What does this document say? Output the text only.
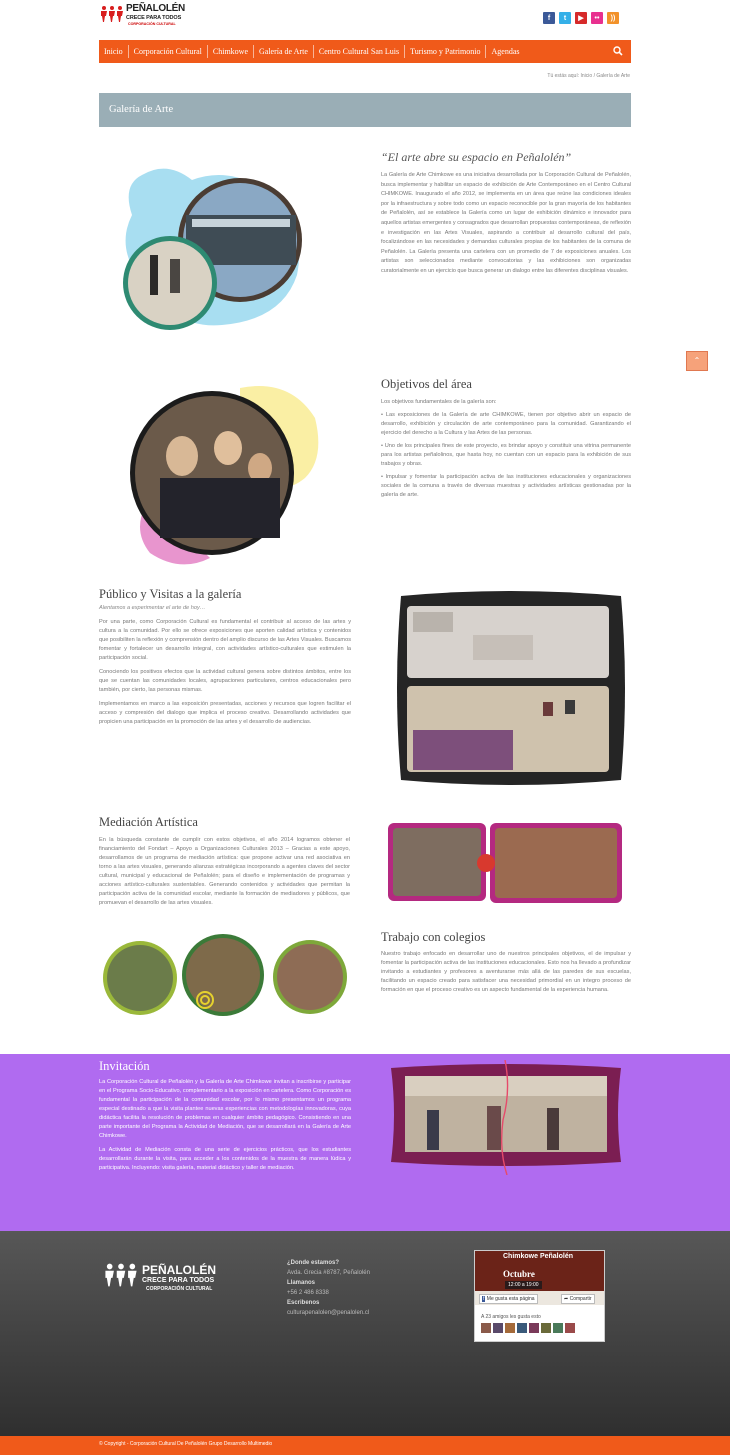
PEÑALOLÉN
CRECE PARA TODOS
CORPORACIÓN CULTURAL
f	t	▶	••	))
Inicio	Corporación Cultural	Chimkowe	Galería de Arte	Centro Cultural San Luis	Turismo y Patrimonio	Agendas
Tú estás aquí: Inicio / Galería de Arte
Galería de Arte
“El arte abre su espacio en Peñalolén”

La Galería de Arte Chimkowe es una iniciativa desarrollada por la Corporación Cultural de Peñalolén, busca implementar y habilitar un espacio de exhibición de Arte Contemporáneo en el Centro Cultural CHIMKOWE. Inaugurado el año 2012, se implementa en un área que reúne las condiciones ideales por la infraestructura y sobre todo como un espacio reconocible por la gran mayoría de los habitantes de Peñalolén, así se establece la Galería como un lugar de exhibición dinámico e innovador para aquellos artistas emergentes y consagrados que desarrollan propuestas contemporáneas, de reflexión e investigación en las Artes Visuales, aspirando a contribuir al desarrollo cultural del país, focalizándose en las necesidades y demandas culturales propias de los habitantes de la comuna de Peñalolén. La Galería presenta una cartelera con un promedio de 7 de exposiciones anuales. Los artistas son seleccionados mediante convocatorias y las exhibiciones son organizadas curatorialmente en un ejercicio que busca generar un dialogo entre las diferentes disciplinas visuales.

⌃
Objetivos del área

Los objetivos fundamentales de la galería son:

• Las exposiciones de la Galería de arte CHIMKOWE, tienen por objetivo abrir un espacio de desarrollo, exhibición y circulación de arte contemporáneo para la comunidad. Garantizando el ejercicio del derecho a la Cultura y las Artes de las personas.

• Uno de los principales fines de este proyecto, es brindar apoyo y constituir una vitrina permanente para los artistas peñalolinos, que hasta hoy, no cuentan con un espacio para la exhibición de sus trabajos y obras.

• Impulsar y fomentar la participación activa de las instituciones educacionales y organizaciones sociales de la comuna a través de diversas muestras y actividades artísticas gestionadas por la galería de arte.

Público y Visitas a la galería
Alentamos a experimentar el arte de hoy…

Por una parte, como Corporación Cultural es fundamental el contribuir al acceso de las artes y cultura a la comunidad. Por ello se ofrece exposiciones que aporten calidad artística y contenidos que posibiliten la reflexión y comprensión dentro del amplio discurso de las Artes Visuales. Buscamos fomentar y fortalecer un desarrollo integral, con actividades artístico-culturales que estimulen la participación social.

Conociendo los positivos efectos que la actividad cultural genera sobre distintos ámbitos, entre los que se cuentan las comunidades locales, agrupaciones particulares, centros educacionales pero también, por cierto, las personas mismas.

Implementamos en marco a las exposición presentadas, acciones y recursos que logren facilitar el acceso y compresión del dialogo que implica el proceso creativo. Desarrollando actividades que propicien una participación en la promoción de las artes y el desarrollo de audiencias.

Mediación Artística

En la búsqueda constante de cumplir con estos objetivos, el año 2014 logramos obtener el financiamiento del Fondart – Apoyo a Organizaciones Culturales 2013 – Gracias a este apoyo, desarrollamos de un programa de mediación artística: que propone activar una red asociativa en torno a las artes visuales, generando alianzas estratégicas incorporando a agentes claves del sector cultural, municipal y educacional de Peñalolén; para el diseño e implementación de programas y acciones artístico-culturales sustentables. Generando contenidos y actividades que permitan la participación activa de la comunidad escolar, mediante la formación de mediadores y públicos, que promuevan el desarrollo de las artes visuales.

Trabajo con colegios

Nuestro trabajo enfocado en desarrollar uno de nuestros principales objetivos, el de impulsar y fomentar la participación activa de las instituciones educacionales. Esto nos ha llevado a profundizar invitando a estudiantes y profesores a aventurarse más allá de las paredes de sus escuelas, facilitando un espacio creado para satisfacer una necesidad primordial en un integro proceso de formación en que el proceso creativo es un aspecto fundamental de la experiencia humana.

Invitación

La Corporación Cultural de Peñalolén y la Galería de Arte Chimkowe invitan a inscribirse y participar en el Programa Socio-Educativo, complementario a la exposición en cartelera. Como Corporación es fundamental la participación de la comunidad escolar, por lo mismo presentamos un programa especial destinado a que la visita plantee nuevas experiencias con metodologías innovadoras, cuya didáctica facilita la resolución de problemas en cualquier ámbito pedagógico. Consistiendo en una parte importante del Programa la Actividad de Mediación, que se desarrollará en la Galería de Arte Chimkowe.

La Actividad de Mediación consta de una serie de ejercicios prácticos, que los estudiantes desarrollarán durante la visita, para acceder a los contenidos de la muestra de manera lúdica y participativa. Incluyendo: visita galería, material didáctico y taller de mediación.

PEÑALOLÉN
CRECE PARA TODOS
CORPORACIÓN CULTURAL
¿Donde estamos?
Avda. Grecia #8787, Peñalolén
Llamanos
+56 2 486 8338
Escribenos
culturapenalolen@penalolen.cl
Chimkowe Peñalolén
Octubre
12:00 a 19:00
f Me gusta esta página	➦ Compartir
A 23 amigos les gusta esto
© Copyright - Corporación Cultural De Peñalolén Grupo Desarrollo Multimedio
